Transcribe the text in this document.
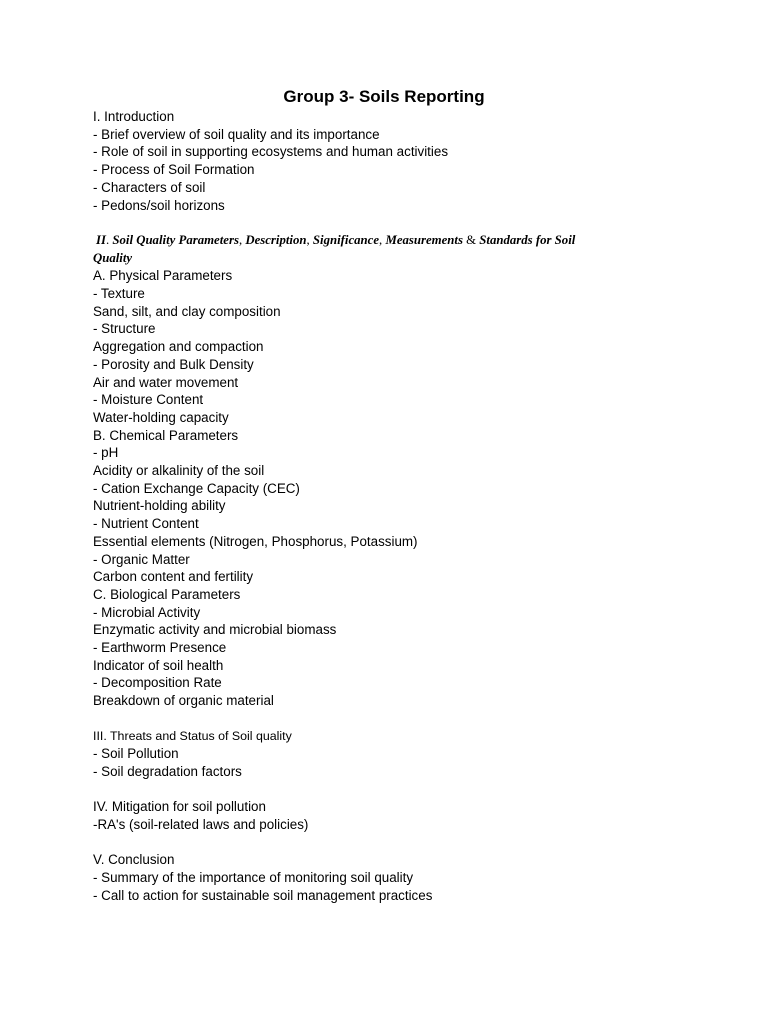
Group 3- Soils Reporting

I. Introduction

- Brief overview of soil quality and its importance

- Role of soil in supporting ecosystems and human activities

- Process of Soil Formation

- Characters of soil

- Pedons/soil horizons

II. Soil Quality Parameters, Description, Significance, Measurements & Standards for Soil

Quality

A. Physical Parameters

- Texture

Sand, silt, and clay composition

- Structure

Aggregation and compaction

- Porosity and Bulk Density

Air and water movement

- Moisture Content

Water-holding capacity

B. Chemical Parameters

- pH

Acidity or alkalinity of the soil

- Cation Exchange Capacity (CEC)

Nutrient-holding ability

- Nutrient Content

Essential elements (Nitrogen, Phosphorus, Potassium)

- Organic Matter

Carbon content and fertility

C. Biological Parameters

- Microbial Activity

Enzymatic activity and microbial biomass

- Earthworm Presence

Indicator of soil health

- Decomposition Rate

Breakdown of organic material

III. Threats and Status of Soil quality

- Soil Pollution

- Soil degradation factors

IV. Mitigation for soil pollution

-RA's (soil-related laws and policies)

V. Conclusion

- Summary of the importance of monitoring soil quality

- Call to action for sustainable soil management practices
